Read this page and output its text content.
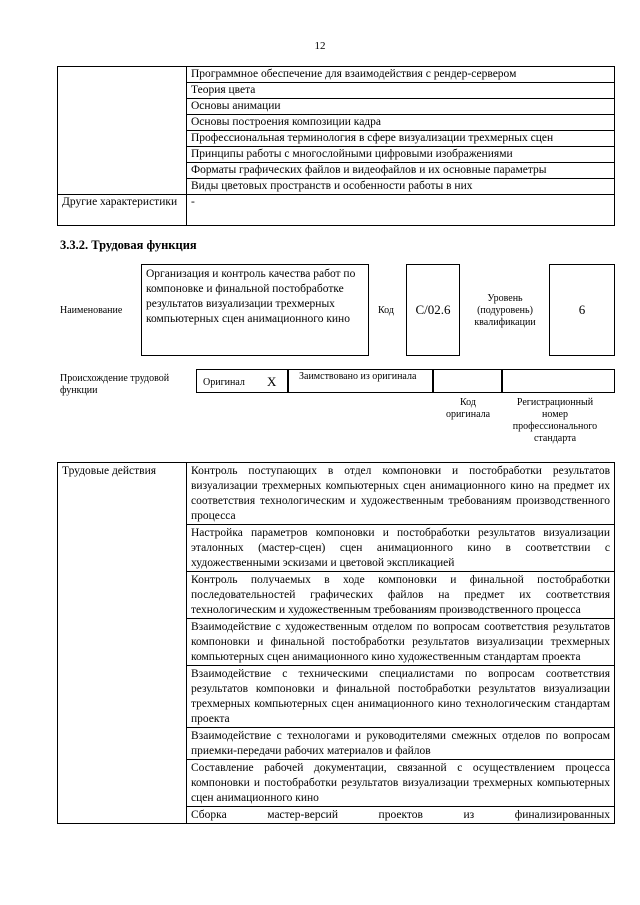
12
	Программное обеспечение для взаимодействия с рендер-сервером
	Теория цвета
	Основы анимации
	Основы построения композиции кадра
	Профессиональная терминология в сфере визуализации трехмерных сцен
	Принципы работы с многослойными цифровыми изображениями
	Форматы графических файлов и видеофайлов и их основные параметры
	Виды цветовых пространств и особенности работы в них
Другие характеристики	-
3.3.2. Трудовая функция
Наименование
Организация и контроль качества работ по компоновке и финальной постобработке результатов визуализации трехмерных компьютерных сцен анимационного кино
Код C/02.6
Уровень (подуровень) квалификации
6
Происхождение трудовой функции
Оригинал X Заимствовано из оригинала
Код оригинала
Регистрационный номер профессионального стандарта
Трудовые действия	Контроль поступающих в отдел компоновки и постобработки результатов визуализации трехмерных компьютерных сцен анимационного кино на предмет их соответствия технологическим и художественным требованиям производственного процесса
Настройка параметров компоновки и постобработки результатов визуализации эталонных (мастер-сцен) сцен анимационного кино в соответствии с художественными эскизами и цветовой экспликацией
Контроль получаемых в ходе компоновки и финальной постобработки последовательностей графических файлов на предмет их соответствия технологическим и художественным требованиям производственного процесса
Взаимодействие с художественным отделом по вопросам соответствия результатов компоновки и финальной постобработки результатов визуализации трехмерных компьютерных сцен анимационного кино художественным стандартам проекта
Взаимодействие с техническими специалистами по вопросам соответствия результатов компоновки и финальной постобработки результатов визуализации трехмерных компьютерных сцен анимационного кино технологическим стандартам проекта
Взаимодействие с технологами и руководителями смежных отделов по вопросам приемки-передачи рабочих материалов и файлов
Составление рабочей документации, связанной с осуществлением процесса компоновки и постобработки результатов визуализации трехмерных компьютерных сцен анимационного кино
Сборка мастер-версий проектов из финализированных
